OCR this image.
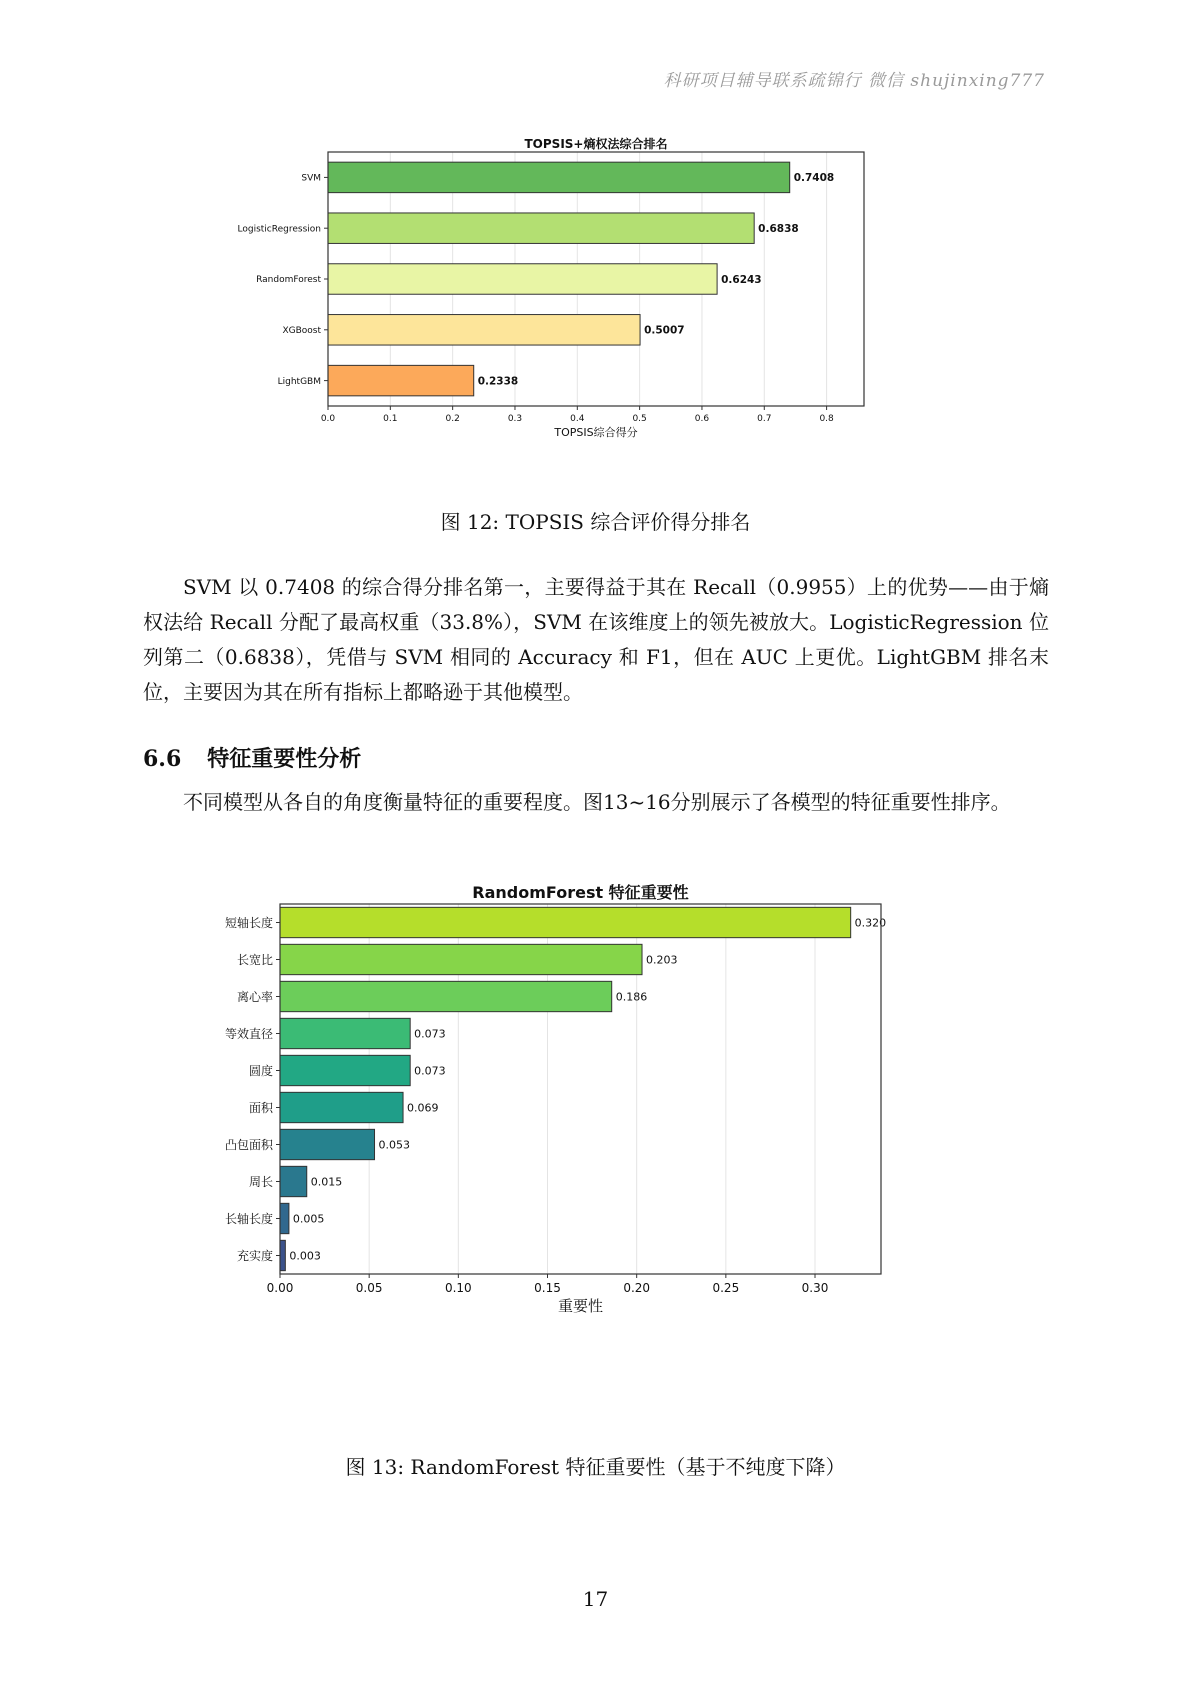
科研项目辅导联系疏锦行 微信 shujinxing777
TOPSIS+熵权法综合排名
0.7408
SVM
0.6838
LogisticRegression
0.6243
RandomForest
0.5007
XGBoost
0.2338
LightGBM
0.0	0.1	0.2	0.3	0.4	0.5	0.6	0.7	0.8
TOPSIS综合得分
图 12: TOPSIS 综合评价得分排名

SVM 以 0.7408 的综合得分排名第一，主要得益于其在 Recall（0.9955）上的优势——由于熵权法给 Recall 分配了最高权重（33.8%），SVM 在该维度上的领先被放大。LogisticRegression 位列第二（0.6838），凭借与 SVM 相同的 Accuracy 和 F1，但在 AUC 上更优。LightGBM 排名末位，主要因为其在所有指标上都略逊于其他模型。

6.6 特征重要性分析

不同模型从各自的角度衡量特征的重要程度。图13~16分别展示了各模型的特征重要性排序。

RandomForest 特征重要性
0.320
短轴长度
0.203
长宽比
0.186
离心率
0.073
等效直径
0.073
圆度
0.069
面积
0.053
凸包面积
0.015
周长
0.005
长轴长度
0.003
充实度
0.00	0.05	0.10	0.15	0.20	0.25	0.30
重要性
图 13: RandomForest 特征重要性（基于不纯度下降）
17
